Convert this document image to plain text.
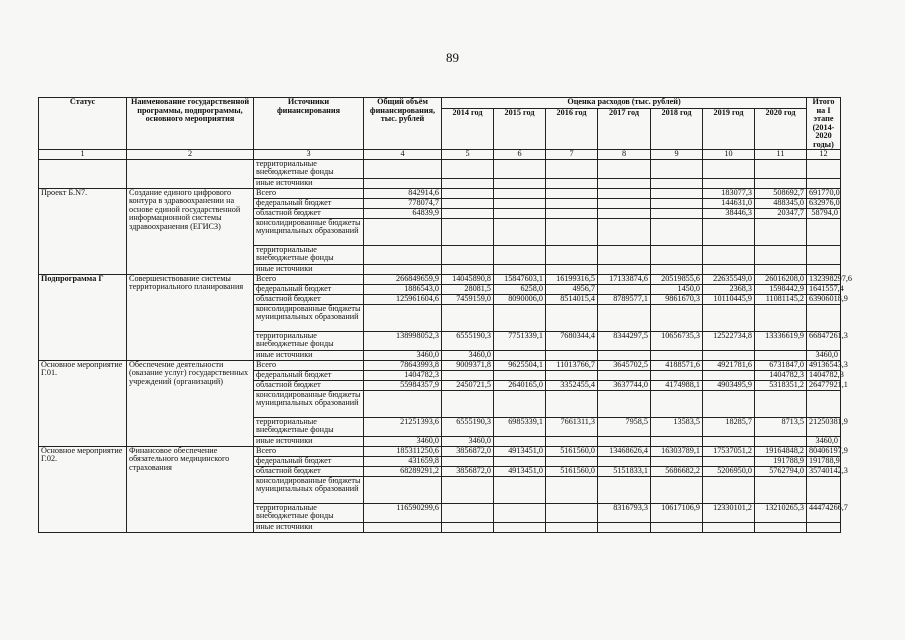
89
Статус	Наименование государственной программы, подпрограммы, основного мероприятия	Источники финансирования	Общий объём финансирования, тыс. рублей	Оценка расходов (тыс. рублей)							Итого на I этапе (2014-2020 годы)
				2014 год	2015 год	2016 год	2017 год	2018 год	2019 год	2020 год	
1	2	3	4	5	6	7	8	9	10	11	12
		территориальные внебюджетные фонды									
		иные источники									
Проект Б.N7.	Создание единого цифрового контура в здравоохранении на основе единой государственной информационной системы здравоохранения (ЕГИСЗ)	Всего	842914,6						183077,3	508692,7	691770,0
		федеральный бюджет	778074,7						144631,0	488345,0	632976,0
		областной бюджет	64839,9						38446,3	20347,7	58794,0
		консолидированные бюджеты муниципальных образований									
		территориальные внебюджетные фонды									
		иные источники									
Подпрограмма Г	Совершенствование системы территориального планирования	Всего	266849659,9	14045890,8	15847603,1	16199316,5	17133874,6	20519855,6	22635549,0	26016208,0	132398297,6
		федеральный бюджет	1886543,0	28081,5	6258,0	4956,7		1450,0	2368,3	1598442,9	1641557,4
		областной бюджет	125961604,6	7459159,0	8090006,0	8514015,4	8789577,1	9861670,3	10110445,9	11081145,2	63906018,9
		консолидированные бюджеты муниципальных образований									
		территориальные внебюджетные фонды	138998052,3	6555190,3	7751339,1	7680344,4	8344297,5	10656735,3	12522734,8	13336619,9	66847261,3
		иные источники	3460,0	3460,0							3460,0
Основное мероприятие Г.01.	Обеспечение деятельности (оказание услуг) государственных учреждений (организаций)	Всего	78643993,8	9009371,8	9625504,1	11013766,7	3645702,5	4188571,6	4921781,6	6731847,0	49136543,3
		федеральный бюджет	1404782,3							1404782,3	1404782,3
		областной бюджет	55984357,9	2450721,5	2640165,0	3352455,4	3637744,0	4174988,1	4903495,9	5318351,2	26477921,1
		консолидированные бюджеты муниципальных образований									
		территориальные внебюджетные фонды	21251393,6	6555190,3	6985339,1	7661311,3	7958,5	13583,5	18285,7	8713,5	21250381,9
		иные источники	3460,0	3460,0							3460,0
Основное мероприятие Г.02.	Финансовое обеспечение обязательного медицинского страхования	Всего	185311250,6	3856872,0	4913451,0	5161560,0	13468626,4	16303789,1	17537051,2	19164848,2	80406197,9
		федеральный бюджет	431659,8							191788,9	191788,9
		областной бюджет	68289291,2	3856872,0	4913451,0	5161560,0	5151833,1	5686682,2	5206950,0	5762794,0	35740142,3
		консолидированные бюджеты муниципальных образований									
		территориальные внебюджетные фонды	116590299,6				8316793,3	10617106,9	12330101,2	13210265,3	44474266,7
		иные источники									
